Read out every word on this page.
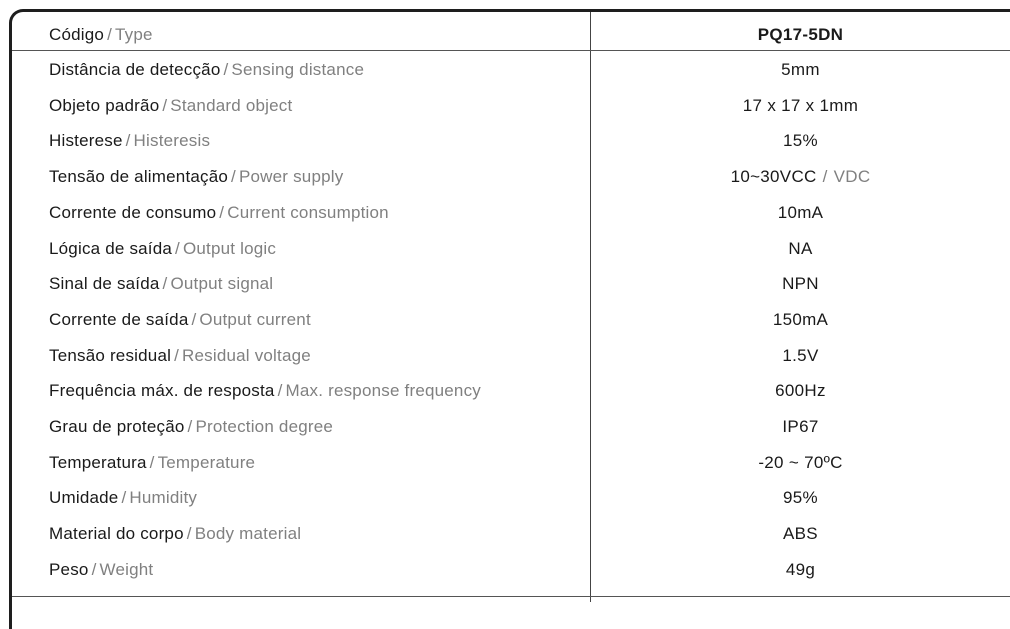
Código / Type	PQ17-5DN
Distância de detecção / Sensing distance	5mm
Objeto padrão / Standard object	17 x 17 x 1mm
Histerese / Histeresis	15%
Tensão de alimentação / Power supply	10~30VCC / VDC
Corrente de consumo / Current consumption	10mA
Lógica de saída / Output logic	NA
Sinal de saída / Output signal	NPN
Corrente de saída / Output current	150mA
Tensão residual / Residual voltage	1.5V
Frequência máx. de resposta / Max. response frequency	600Hz
Grau de proteção / Protection degree	IP67
Temperatura / Temperature	-20 ~ 70ºC
Umidade / Humidity	95%
Material do corpo / Body material	ABS
Peso / Weight	49g
